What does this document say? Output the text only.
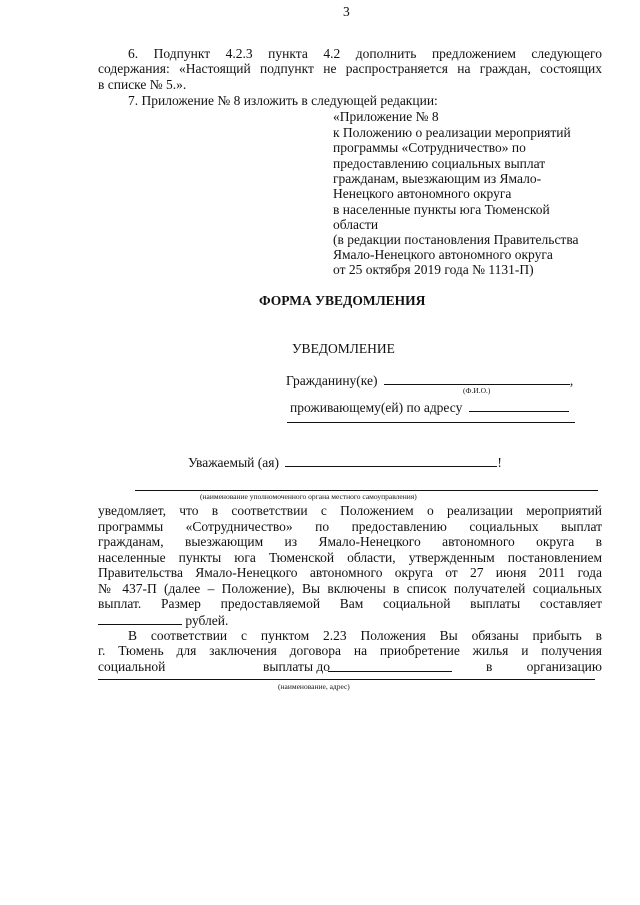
3
6. Подпункт 4.2.3 пункта 4.2 дополнить предложением следующего
содержания: «Настоящий подпункт не распространяется на граждан, состоящих
в списке № 5.».
7. Приложение № 8 изложить в следующей редакции:
«Приложение № 8
к Положению о реализации мероприятий
программы «Сотрудничество» по
предоставлению социальных выплат
гражданам, выезжающим из Ямало-
Ненецкого автономного округа
в населенные пункты юга Тюменской
области
(в редакции постановления Правительства
Ямало-Ненецкого автономного округа
от 25 октября 2019 года № 1131-П)
ФОРМА УВЕДОМЛЕНИЯ
УВЕДОМЛЕНИЕ
Гражданину(ке)	,
(Ф.И.О.)
проживающему(ей) по адресу
Уважаемый (ая)	!
(наименование уполномоченного органа местного самоуправления)
уведомляет, что в соответствии с Положением о реализации мероприятий
программы «Сотрудничество» по предоставлению социальных выплат
гражданам, выезжающим из Ямало-Ненецкого автономного округа в
населенные пункты юга Тюменской области, утвержденным постановлением
Правительства Ямало-Ненецкого автономного округа от 27 июня 2011 года
№ 437-П (далее – Положение), Вы включены в список получателей социальных
выплат. Размер предоставляемой Вам социальной выплаты составляет
рублей.
В соответствии с пунктом 2.23 Положения Вы обязаны прибыть в
г. Тюмень для заключения договора на приобретение жилья и получения
социальной	выплаты до	в	организацию
(наименование, адрес)
